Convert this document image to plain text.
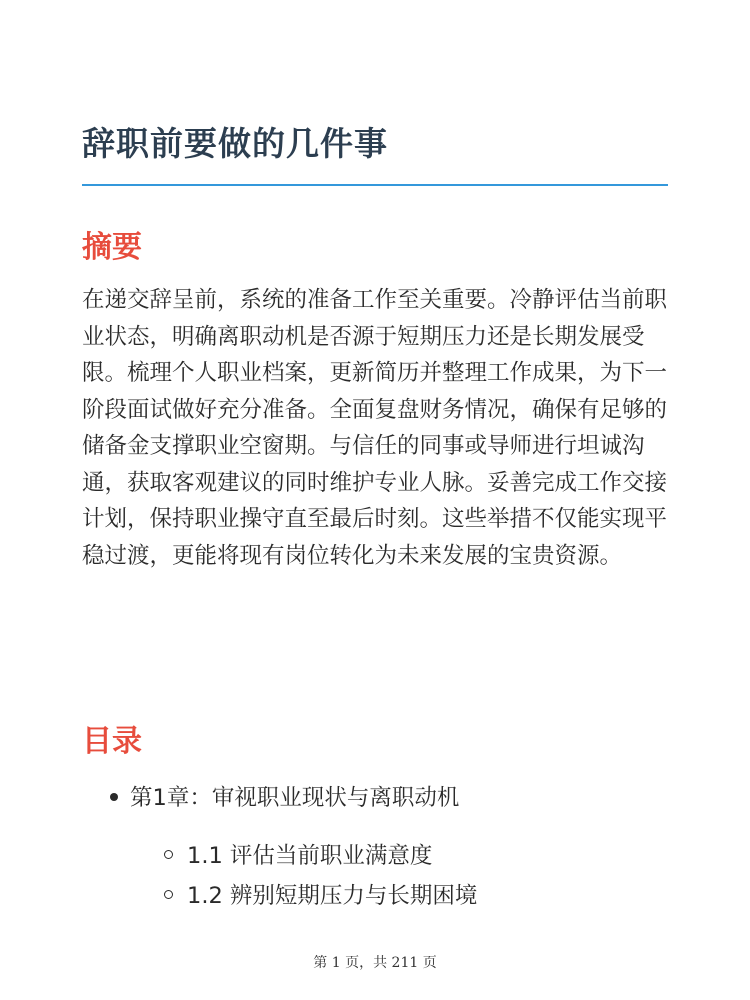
辞职前要做的几件事
摘要

在递交辞呈前，系统的准备工作至关重要。冷静评估当前职业状态，明确离职动机是否源于短期压力还是长期发展受限。梳理个人职业档案，更新简历并整理工作成果，为下一阶段面试做好充分准备。全面复盘财务情况，确保有足够的储备金支撑职业空窗期。与信任的同事或导师进行坦诚沟通，获取客观建议的同时维护专业人脉。妥善完成工作交接计划，保持职业操守直至最后时刻。这些举措不仅能实现平稳过渡，更能将现有岗位转化为未来发展的宝贵资源。

目录
第1章：审视职业现状与离职动机
1.1 评估当前职业满意度
1.2 辨别短期压力与长期困境
第 1 页，共 211 页
